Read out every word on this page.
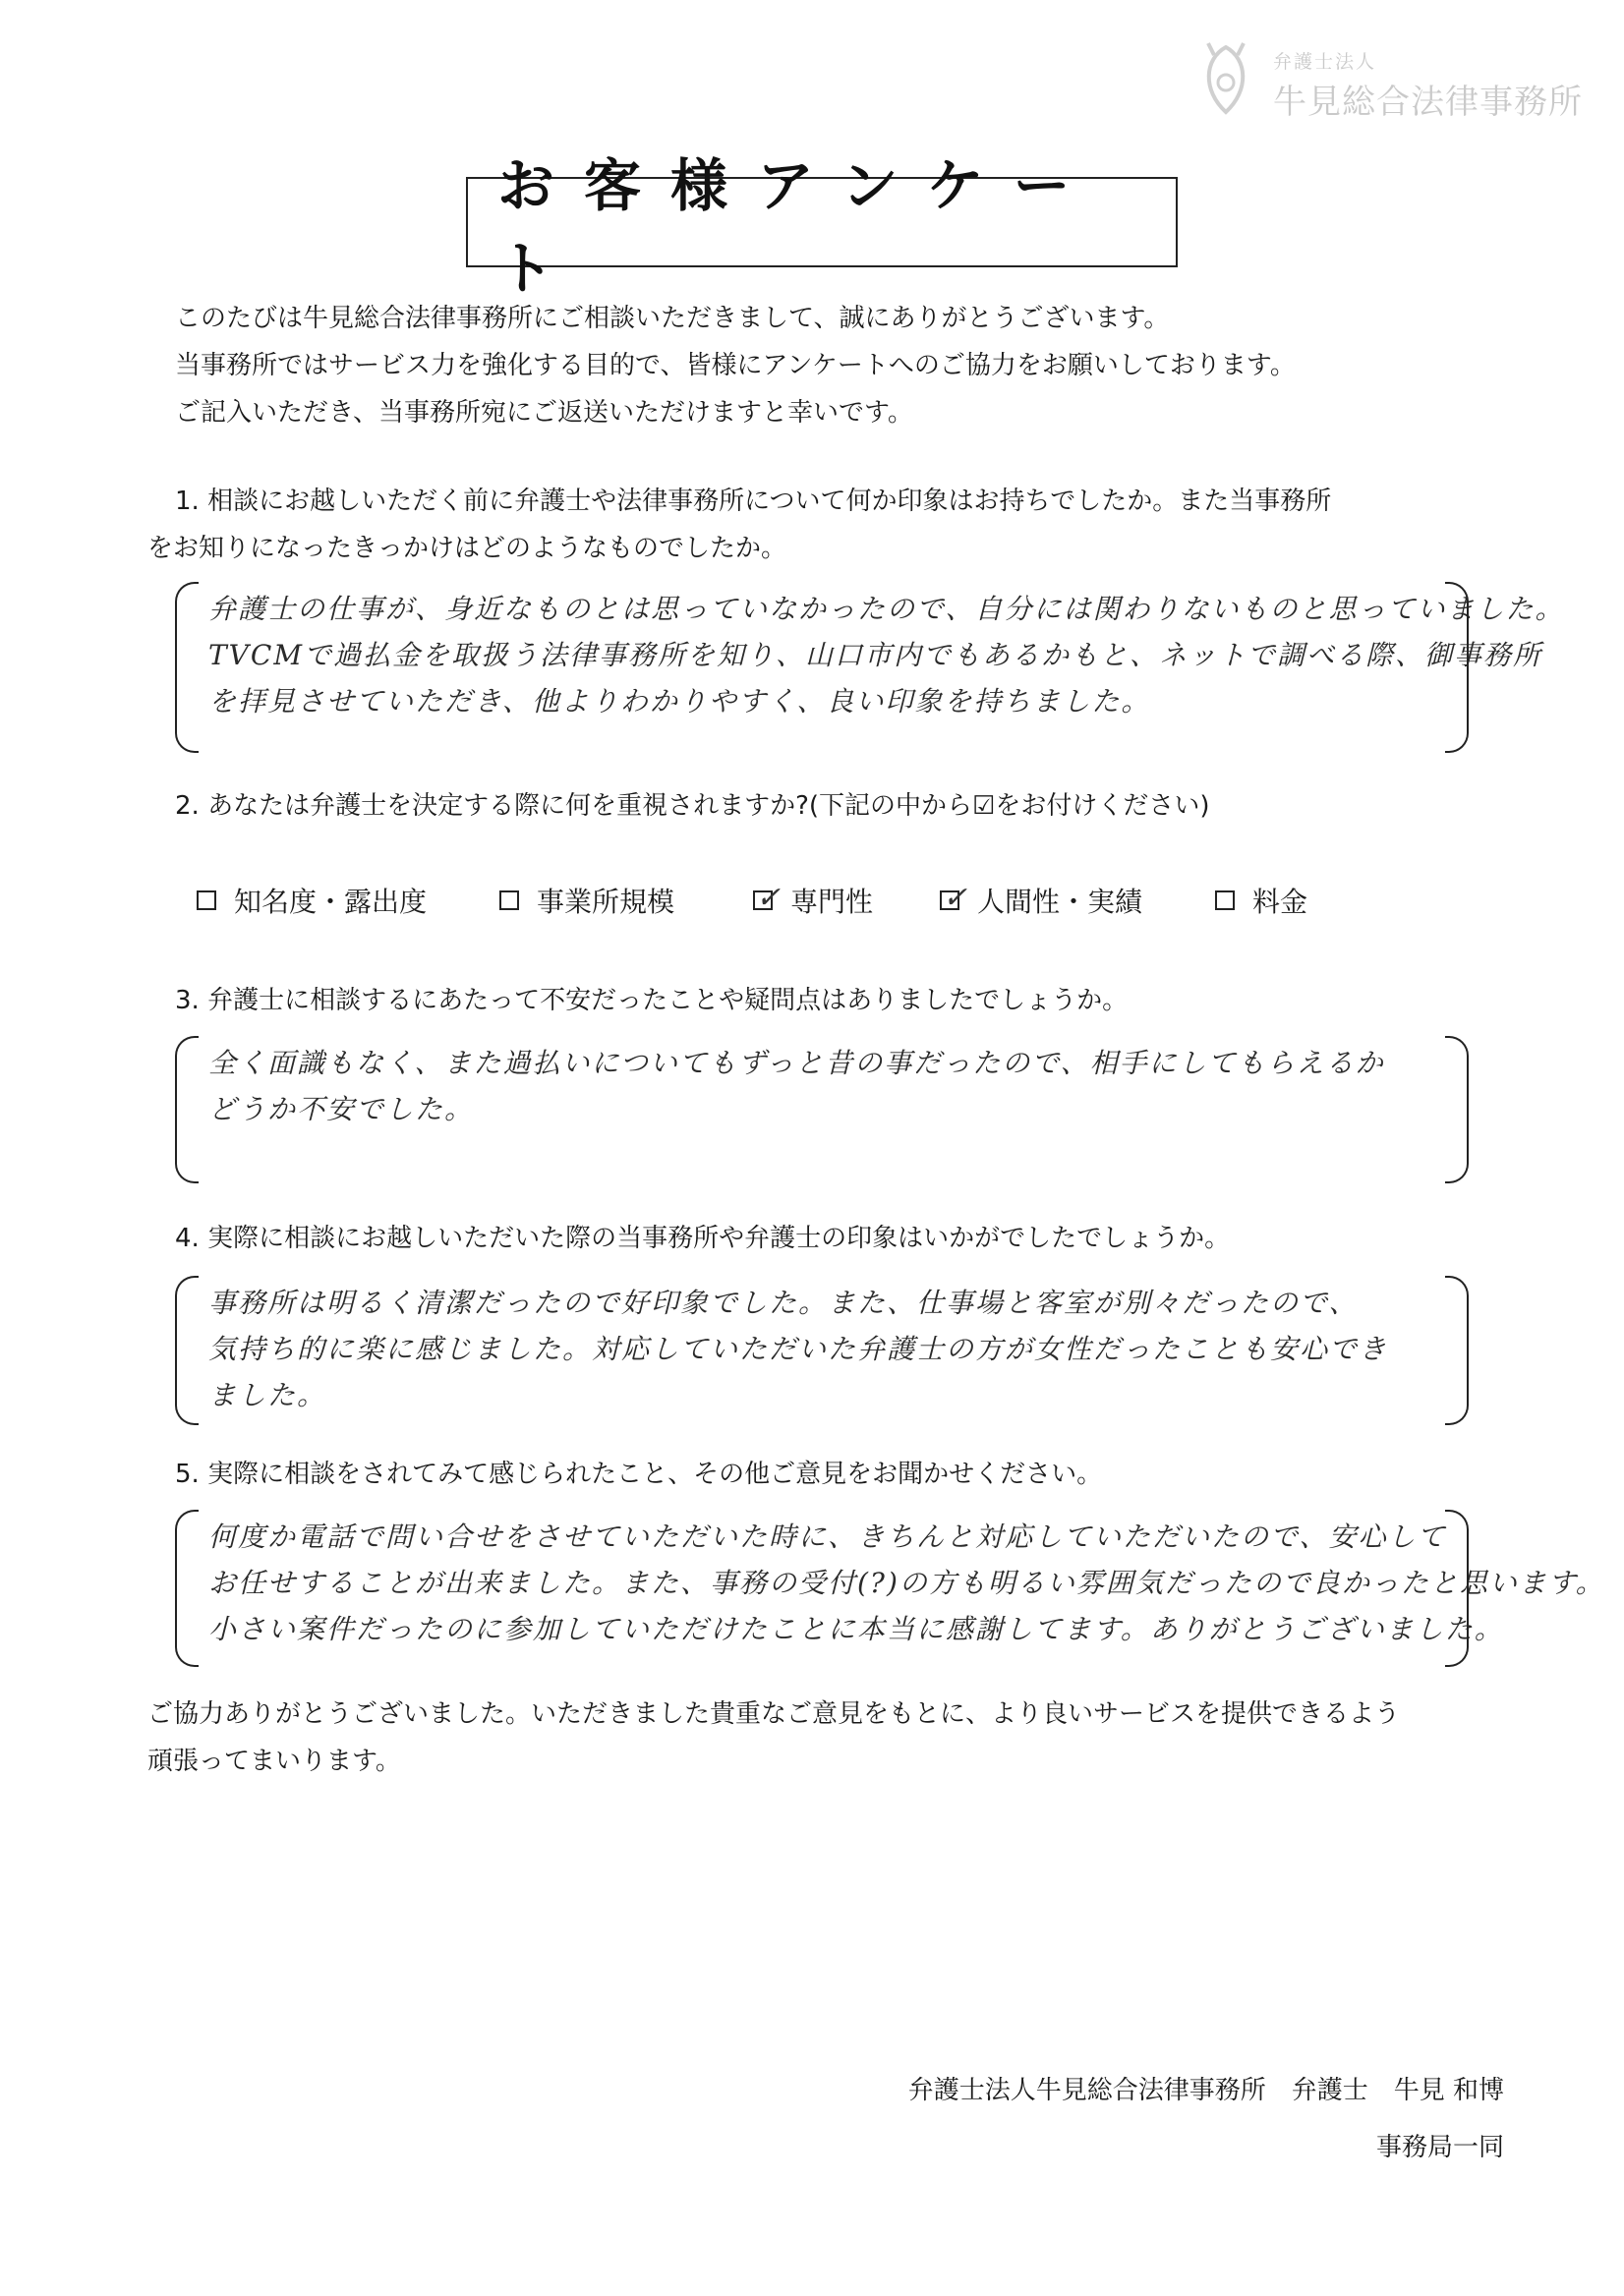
弁護士法人
牛見総合法律事務所
お客様アンケート
このたびは牛見総合法律事務所にご相談いただきまして、誠にありがとうございます。
当事務所ではサービス力を強化する目的で、皆様にアンケートへのご協力をお願いしております。
ご記入いただき、当事務所宛にご返送いただけますと幸いです。
1. 相談にお越しいただく前に弁護士や法律事務所について何か印象はお持ちでしたか。また当事務所
をお知りになったきっかけはどのようなものでしたか。
弁護士の仕事が、身近なものとは思っていなかったので、自分には関わりないものと思っていました。
TVCMで過払金を取扱う法律事務所を知り、山口市内でもあるかもと、ネットで調べる際、御事務所
を拝見させていただき、他よりわかりやすく、良い印象を持ちました。
2. あなたは弁護士を決定する際に何を重視されますか?(下記の中から☑をお付けください)
知名度・露出度	事業所規模	✓ 専門性 ✓ 人間性・実績	料金
3. 弁護士に相談するにあたって不安だったことや疑問点はありましたでしょうか。
全く面識もなく、また過払いについてもずっと昔の事だったので、相手にしてもらえるか
どうか不安でした。
4. 実際に相談にお越しいただいた際の当事務所や弁護士の印象はいかがでしたでしょうか。
事務所は明るく清潔だったので好印象でした。また、仕事場と客室が別々だったので、
気持ち的に楽に感じました。対応していただいた弁護士の方が女性だったことも安心でき
ました。
5. 実際に相談をされてみて感じられたこと、その他ご意見をお聞かせください。
何度か電話で問い合せをさせていただいた時に、きちんと対応していただいたので、安心して
お任せすることが出来ました。また、事務の受付(?)の方も明るい雰囲気だったので良かったと思います。
小さい案件だったのに参加していただけたことに本当に感謝してます。ありがとうございました。
ご協力ありがとうございました。いただきました貴重なご意見をもとに、より良いサービスを提供できるよう
頑張ってまいります。
弁護士法人牛見総合法律事務所　弁護士　牛見 和博
事務局一同
